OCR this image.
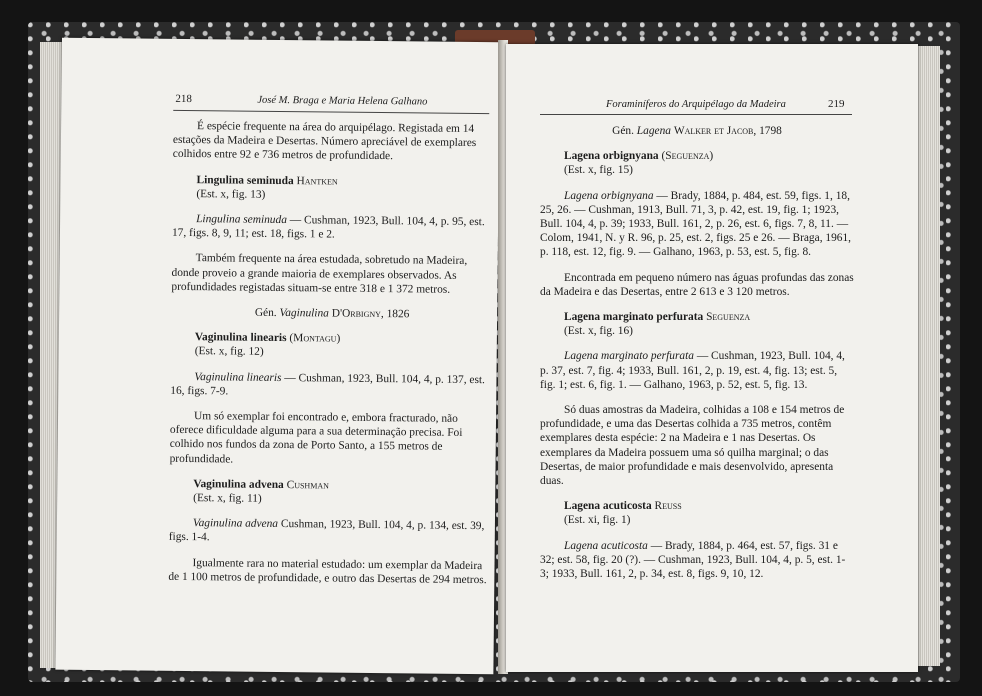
218	José M. Braga e Maria Helena Galhano

É espécie frequente na área do arquipélago. Registada em 14 estações da Madeira e Desertas. Número apreciável de exemplares colhidos entre 92 e 736 metros de profundidade.

Lingulina seminuda Hantken
(Est. x, fig. 13)

Lingulina seminuda — Cushman, 1923, Bull. 104, 4, p. 95, est. 17, figs. 8, 9, 11; est. 18, figs. 1 e 2.

Também frequente na área estudada, sobretudo na Madeira, donde proveio a grande maioria de exemplares observados. As profundidades registadas situam-se entre 318 e 1 372 metros.

Gén. Vaginulina D'Orbigny, 1826
Vaginulina linearis (Montagu)
(Est. x, fig. 12)

Vaginulina linearis — Cushman, 1923, Bull. 104, 4, p. 137, est. 16, figs. 7-9.

Um só exemplar foi encontrado e, embora fracturado, não oferece dificuldade alguma para a sua determinação precisa. Foi colhido nos fundos da zona de Porto Santo, a 155 metros de profundidade.

Vaginulina advena Cushman
(Est. x, fig. 11)

Vaginulina advena Cushman, 1923, Bull. 104, 4, p. 134, est. 39, figs. 1-4.

Igualmente rara no material estudado: um exemplar da Madeira de 1 100 metros de profundidade, e outro das Desertas de 294 metros.

Foraminíferos do Arquipélago da Madeira	219
Gén. Lagena Walker et Jacob, 1798
Lagena orbignyana (Seguenza)
(Est. x, fig. 15)

Lagena orbignyana — Brady, 1884, p. 484, est. 59, figs. 1, 18, 25, 26. — Cushman, 1913, Bull. 71, 3, p. 42, est. 19, fig. 1; 1923, Bull. 104, 4, p. 39; 1933, Bull. 161, 2, p. 26, est. 6, figs. 7, 8, 11. — Colom, 1941, N. y R. 96, p. 25, est. 2, figs. 25 e 26. — Braga, 1961, p. 118, est. 12, fig. 9. — Galhano, 1963, p. 53, est. 5, fig. 8.

Encontrada em pequeno número nas águas profundas das zonas da Madeira e das Desertas, entre 2 613 e 3 120 metros.

Lagena marginato perfurata Seguenza
(Est. x, fig. 16)

Lagena marginato perfurata — Cushman, 1923, Bull. 104, 4, p. 37, est. 7, fig. 4; 1933, Bull. 161, 2, p. 19, est. 4, fig. 13; est. 5, fig. 1; est. 6, fig. 1. — Galhano, 1963, p. 52, est. 5, fig. 13.

Só duas amostras da Madeira, colhidas a 108 e 154 metros de profundidade, e uma das Desertas colhida a 735 metros, contêm exemplares desta espécie: 2 na Madeira e 1 nas Desertas. Os exemplares da Madeira possuem uma só quilha marginal; o das Desertas, de maior profundidade e mais desenvolvido, apresenta duas.

Lagena acuticosta Reuss
(Est. xi, fig. 1)

Lagena acuticosta — Brady, 1884, p. 464, est. 57, figs. 31 e 32; est. 58, fig. 20 (?). — Cushman, 1923, Bull. 104, 4, p. 5, est. 1-3; 1933, Bull. 161, 2, p. 34, est. 8, figs. 9, 10, 12.
